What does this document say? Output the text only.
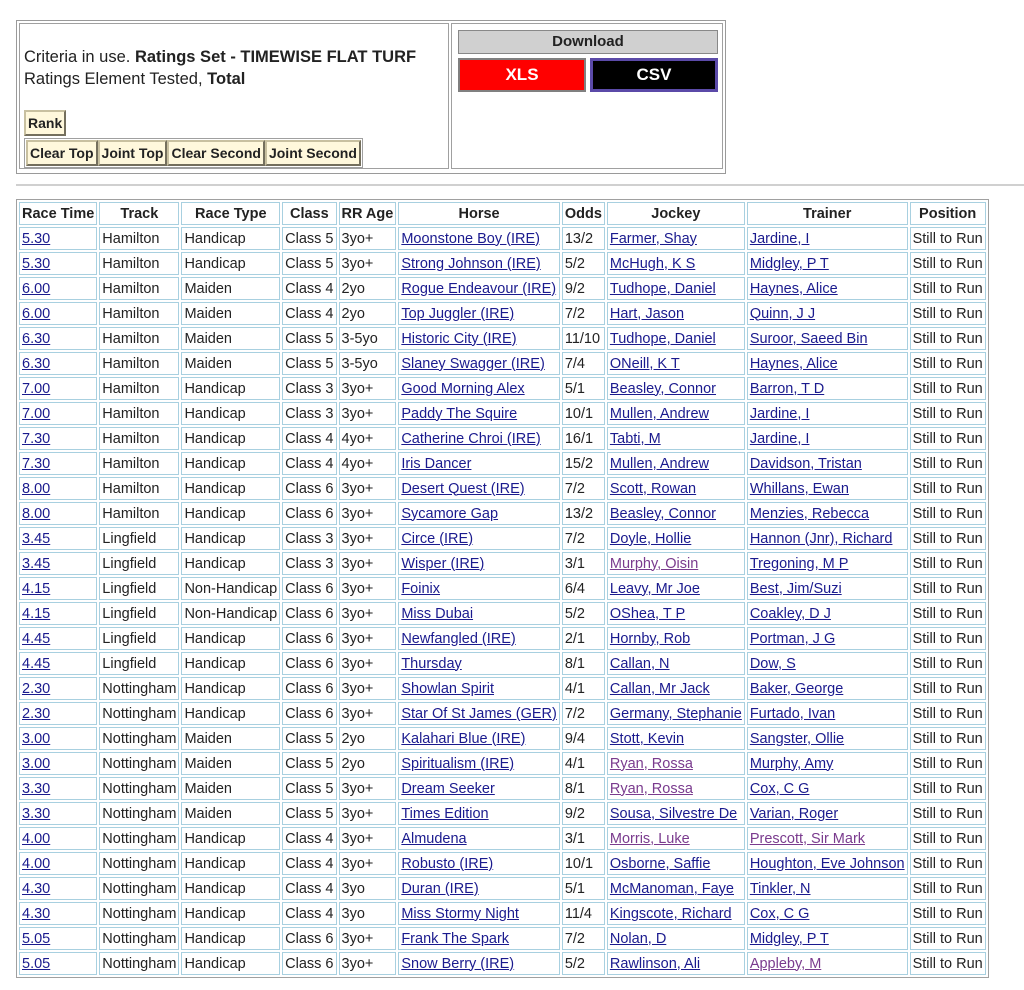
Criteria in use. Ratings Set - TIMEWISE FLAT TURF
Ratings Element Tested, Total
Rank
Clear Top Joint Top Clear Second Joint Second
Download
XLS	CSV
Race Time	Track	Race Type	Class	RR Age	Horse	Odds	Jockey	Trainer	Position
5.30	Hamilton	Handicap	Class 5	3yo+	Moonstone Boy (IRE)	13/2	Farmer, Shay	Jardine, I	Still to Run
5.30	Hamilton	Handicap	Class 5	3yo+	Strong Johnson (IRE)	5/2	McHugh, K S	Midgley, P T	Still to Run
6.00	Hamilton	Maiden	Class 4	2yo	Rogue Endeavour (IRE)	9/2	Tudhope, Daniel	Haynes, Alice	Still to Run
6.00	Hamilton	Maiden	Class 4	2yo	Top Juggler (IRE)	7/2	Hart, Jason	Quinn, J J	Still to Run
6.30	Hamilton	Maiden	Class 5	3-5yo	Historic City (IRE)	11/10	Tudhope, Daniel	Suroor, Saeed Bin	Still to Run
6.30	Hamilton	Maiden	Class 5	3-5yo	Slaney Swagger (IRE)	7/4	ONeill, K T	Haynes, Alice	Still to Run
7.00	Hamilton	Handicap	Class 3	3yo+	Good Morning Alex	5/1	Beasley, Connor	Barron, T D	Still to Run
7.00	Hamilton	Handicap	Class 3	3yo+	Paddy The Squire	10/1	Mullen, Andrew	Jardine, I	Still to Run
7.30	Hamilton	Handicap	Class 4	4yo+	Catherine Chroi (IRE)	16/1	Tabti, M	Jardine, I	Still to Run
7.30	Hamilton	Handicap	Class 4	4yo+	Iris Dancer	15/2	Mullen, Andrew	Davidson, Tristan	Still to Run
8.00	Hamilton	Handicap	Class 6	3yo+	Desert Quest (IRE)	7/2	Scott, Rowan	Whillans, Ewan	Still to Run
8.00	Hamilton	Handicap	Class 6	3yo+	Sycamore Gap	13/2	Beasley, Connor	Menzies, Rebecca	Still to Run
3.45	Lingfield	Handicap	Class 3	3yo+	Circe (IRE)	7/2	Doyle, Hollie	Hannon (Jnr), Richard	Still to Run
3.45	Lingfield	Handicap	Class 3	3yo+	Wisper (IRE)	3/1	Murphy, Oisin	Tregoning, M P	Still to Run
4.15	Lingfield	Non-Handicap	Class 6	3yo+	Foinix	6/4	Leavy, Mr Joe	Best, Jim/Suzi	Still to Run
4.15	Lingfield	Non-Handicap	Class 6	3yo+	Miss Dubai	5/2	OShea, T P	Coakley, D J	Still to Run
4.45	Lingfield	Handicap	Class 6	3yo+	Newfangled (IRE)	2/1	Hornby, Rob	Portman, J G	Still to Run
4.45	Lingfield	Handicap	Class 6	3yo+	Thursday	8/1	Callan, N	Dow, S	Still to Run
2.30	Nottingham	Handicap	Class 6	3yo+	Showlan Spirit	4/1	Callan, Mr Jack	Baker, George	Still to Run
2.30	Nottingham	Handicap	Class 6	3yo+	Star Of St James (GER)	7/2	Germany, Stephanie	Furtado, Ivan	Still to Run
3.00	Nottingham	Maiden	Class 5	2yo	Kalahari Blue (IRE)	9/4	Stott, Kevin	Sangster, Ollie	Still to Run
3.00	Nottingham	Maiden	Class 5	2yo	Spiritualism (IRE)	4/1	Ryan, Rossa	Murphy, Amy	Still to Run
3.30	Nottingham	Maiden	Class 5	3yo+	Dream Seeker	8/1	Ryan, Rossa	Cox, C G	Still to Run
3.30	Nottingham	Maiden	Class 5	3yo+	Times Edition	9/2	Sousa, Silvestre De	Varian, Roger	Still to Run
4.00	Nottingham	Handicap	Class 4	3yo+	Almudena	3/1	Morris, Luke	Prescott, Sir Mark	Still to Run
4.00	Nottingham	Handicap	Class 4	3yo+	Robusto (IRE)	10/1	Osborne, Saffie	Houghton, Eve Johnson	Still to Run
4.30	Nottingham	Handicap	Class 4	3yo	Duran (IRE)	5/1	McManoman, Faye	Tinkler, N	Still to Run
4.30	Nottingham	Handicap	Class 4	3yo	Miss Stormy Night	11/4	Kingscote, Richard	Cox, C G	Still to Run
5.05	Nottingham	Handicap	Class 6	3yo+	Frank The Spark	7/2	Nolan, D	Midgley, P T	Still to Run
5.05	Nottingham	Handicap	Class 6	3yo+	Snow Berry (IRE)	5/2	Rawlinson, Ali	Appleby, M	Still to Run
